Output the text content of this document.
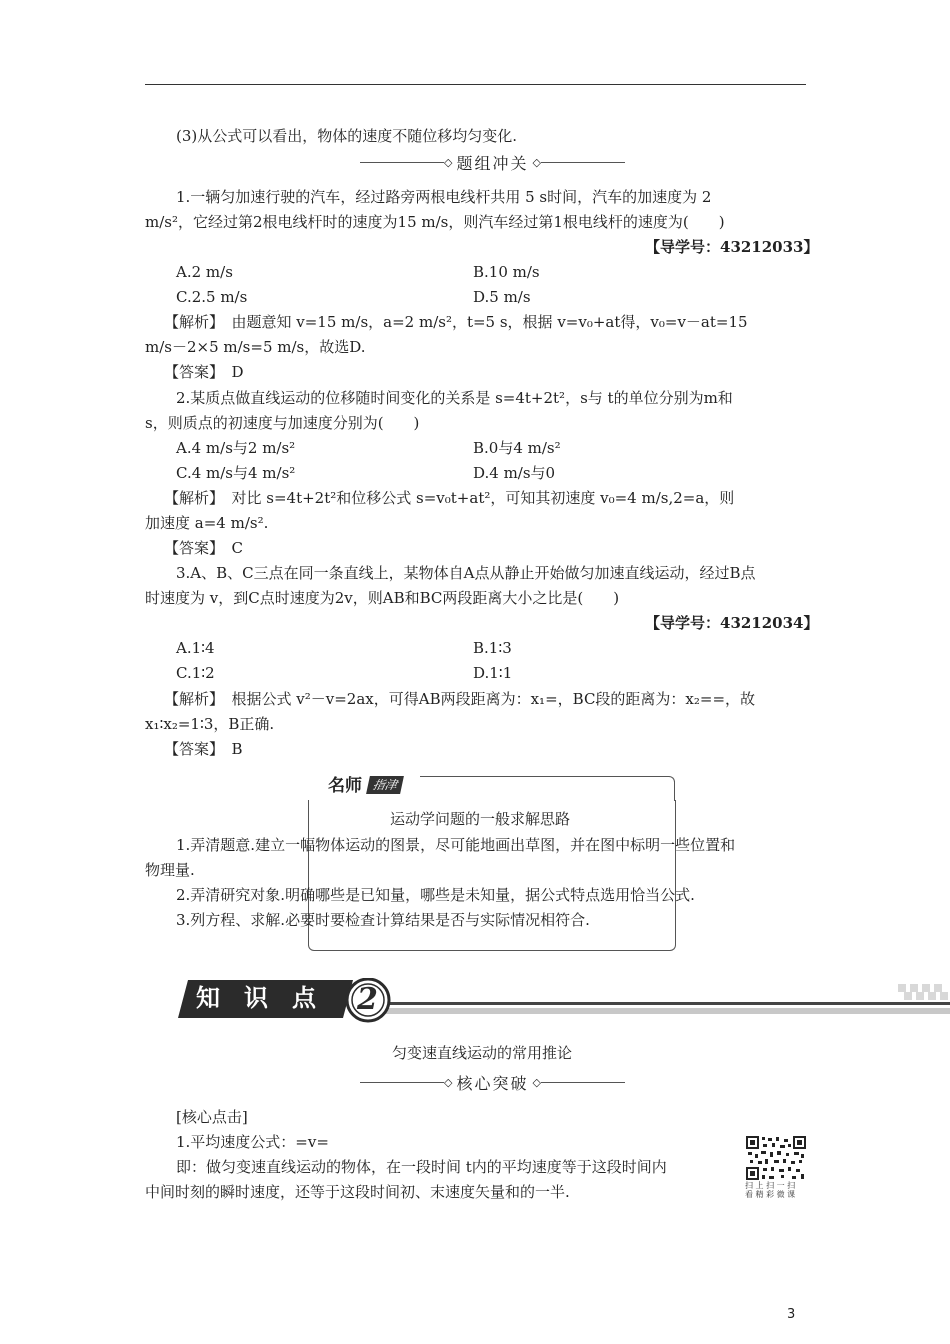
(3)从公式可以看出，物体的速度不随位移均匀变化.
◇ 题组冲关 ◇
1.一辆匀加速行驶的汽车，经过路旁两根电线杆共用 5 s时间，汽车的加速度为 2
m/s²，它经过第2根电线杆时的速度为15 m/s，则汽车经过第1根电线杆的速度为(　　)
【导学号：43212033】
A.2 m/s	B.10 m/s
C.2.5 m/s	D.5 m/s
【解析】　由题意知 v=15 m/s，a=2 m/s²，t=5 s，根据 v=v₀+at得，v₀=v－at=15
m/s－2×5 m/s=5 m/s，故选D.
【答案】　D
2.某质点做直线运动的位移随时间变化的关系是 s=4t+2t²，s与 t的单位分别为m和
s，则质点的初速度与加速度分别为(　　)
A.4 m/s与2 m/s²	B.0与4 m/s²
C.4 m/s与4 m/s²	D.4 m/s与0
【解析】　对比 s=4t+2t²和位移公式 s=v₀t+at²，可知其初速度 v₀=4 m/s,2=a，则
加速度 a=4 m/s².
【答案】　C
3.A、B、C三点在同一条直线上，某物体自A点从静止开始做匀加速直线运动，经过B点
时速度为 v，到C点时速度为2v，则AB和BC两段距离大小之比是(　　)
【导学号：43212034】
A.1∶4	B.1∶3
C.1∶2	D.1∶1
【解析】　根据公式 v²－v=2ax，可得AB两段距离为：x₁=，BC段的距离为：x₂==，故
x₁∶x₂=1∶3，B正确.
【答案】　B
名师 指津
运动学问题的一般求解思路
1.弄清题意.建立一幅物体运动的图景，尽可能地画出草图，并在图中标明一些位置和
物理量.
2.弄清研究对象.明确哪些是已知量，哪些是未知量，据公式特点选用恰当公式.
3.列方程、求解.必要时要检查计算结果是否与实际情况相符合.
知　识　点 2
匀变速直线运动的常用推论
◇ 核心突破 ◇
[核心点击]
1.平均速度公式：=v=
即：做匀变速直线运动的物体，在一段时间 t内的平均速度等于这段时间内
中间时刻的瞬时速度，还等于这段时间初、末速度矢量和的一半.	扫 上 扫 一 扫
看 精 彩 微 课
3
